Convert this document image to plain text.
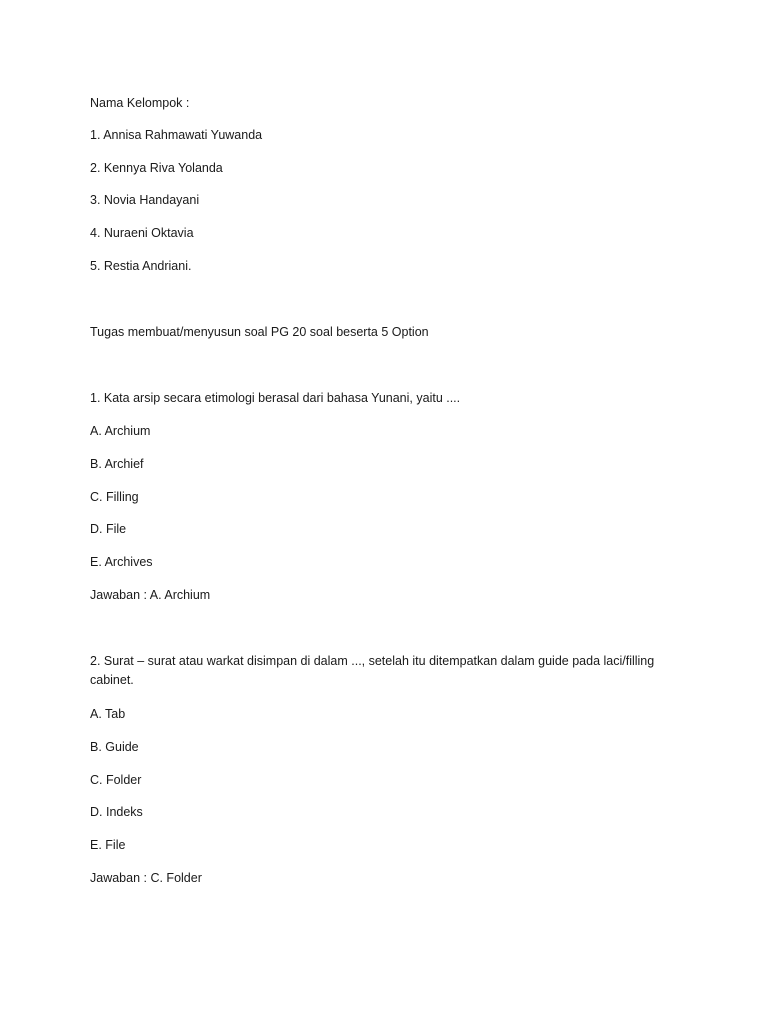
Nama Kelompok :
1. Annisa Rahmawati Yuwanda
2. Kennya Riva Yolanda
3. Novia Handayani
4. Nuraeni Oktavia
5. Restia Andriani.
Tugas membuat/menyusun soal PG 20 soal beserta 5 Option
1. Kata arsip secara etimologi berasal dari bahasa Yunani, yaitu ....
A. Archium
B. Archief
C. Filling
D. File
E. Archives
Jawaban : A. Archium
2. Surat – surat atau warkat disimpan di dalam ..., setelah itu ditempatkan dalam guide pada laci/filling cabinet.
A. Tab
B. Guide
C. Folder
D. Indeks
E. File
Jawaban : C. Folder
